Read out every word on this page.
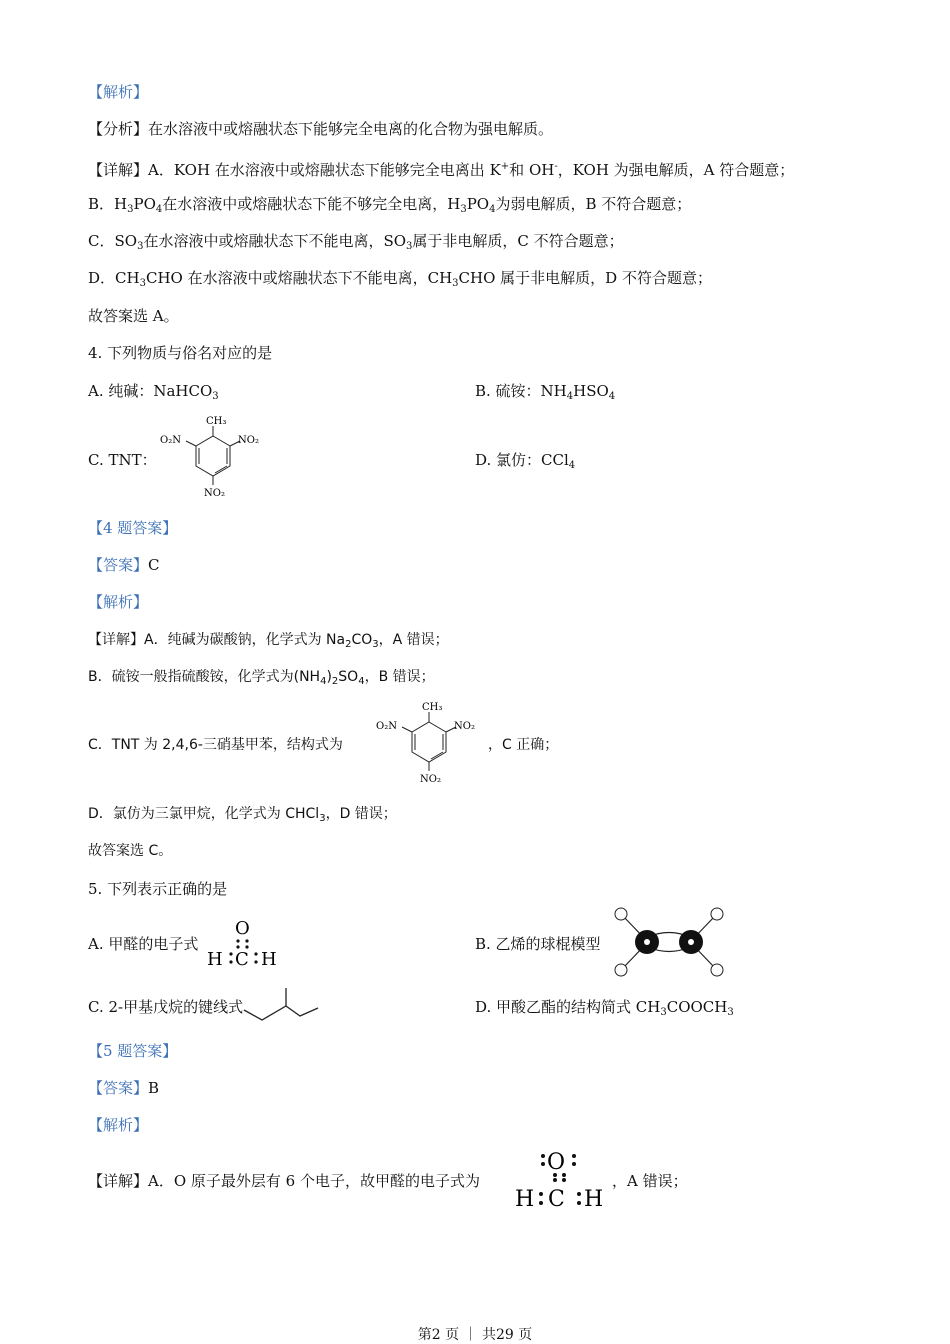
【解析】
【分析】在水溶液中或熔融状态下能够完全电离的化合物为强电解质。
【详解】A．KOH 在水溶液中或熔融状态下能够完全电离出 K+和 OH-，KOH 为强电解质，A 符合题意；
B．$H_3PO_4$在水溶液中或熔融状态下能不够完全电离，$H_3PO_4$为弱电解质，B 不符合题意；
C．$SO_3$在水溶液中或熔融状态下不能电离，$SO_3$属于非电解质，C 不符合题意；
D．$CH_3CHO$ 在水溶液中或熔融状态下不能电离，$CH_3CHO$ 属于非电解质，D 不符合题意；
故答案选 A。
4. 下列物质与俗名对应的是
A. 纯碱：NaHCO$_3$	B. 硫铵：$NH_4HSO_4$
C. TNT：
CH₃
O₂N	NO₂
NO₂
D. 氯仿：CCl$_4$
【4 题答案】
【答案】C
【解析】
【详解】A．纯碱为碳酸钠，化学式为 $Na_2CO_3$，A 错误；
B．硫铵一般指硫酸铵，化学式为$(NH_4)_2SO_4$，B 错误；
C．TNT 为 2,4,6-三硝基甲苯，结构式为
CH₃
O₂N	NO₂
NO₂
，C 正确；
D．氯仿为三氯甲烷，化学式为 CHCl$_3$，D 错误；
故答案选 C。
5. 下列表示正确的是
A. 甲醛的电子式
O
H C H
B. 乙烯的球棍模型
C. 2-甲基戊烷的键线式	D. 甲酸乙酯的结构简式 $CH_3COOCH_3$
【5 题答案】
【答案】B
【解析】
【详解】A．O 原子最外层有 6 个电子，故甲醛的电子式为
O
H C H
，A 错误；
第2 页 ｜ 共29 页
